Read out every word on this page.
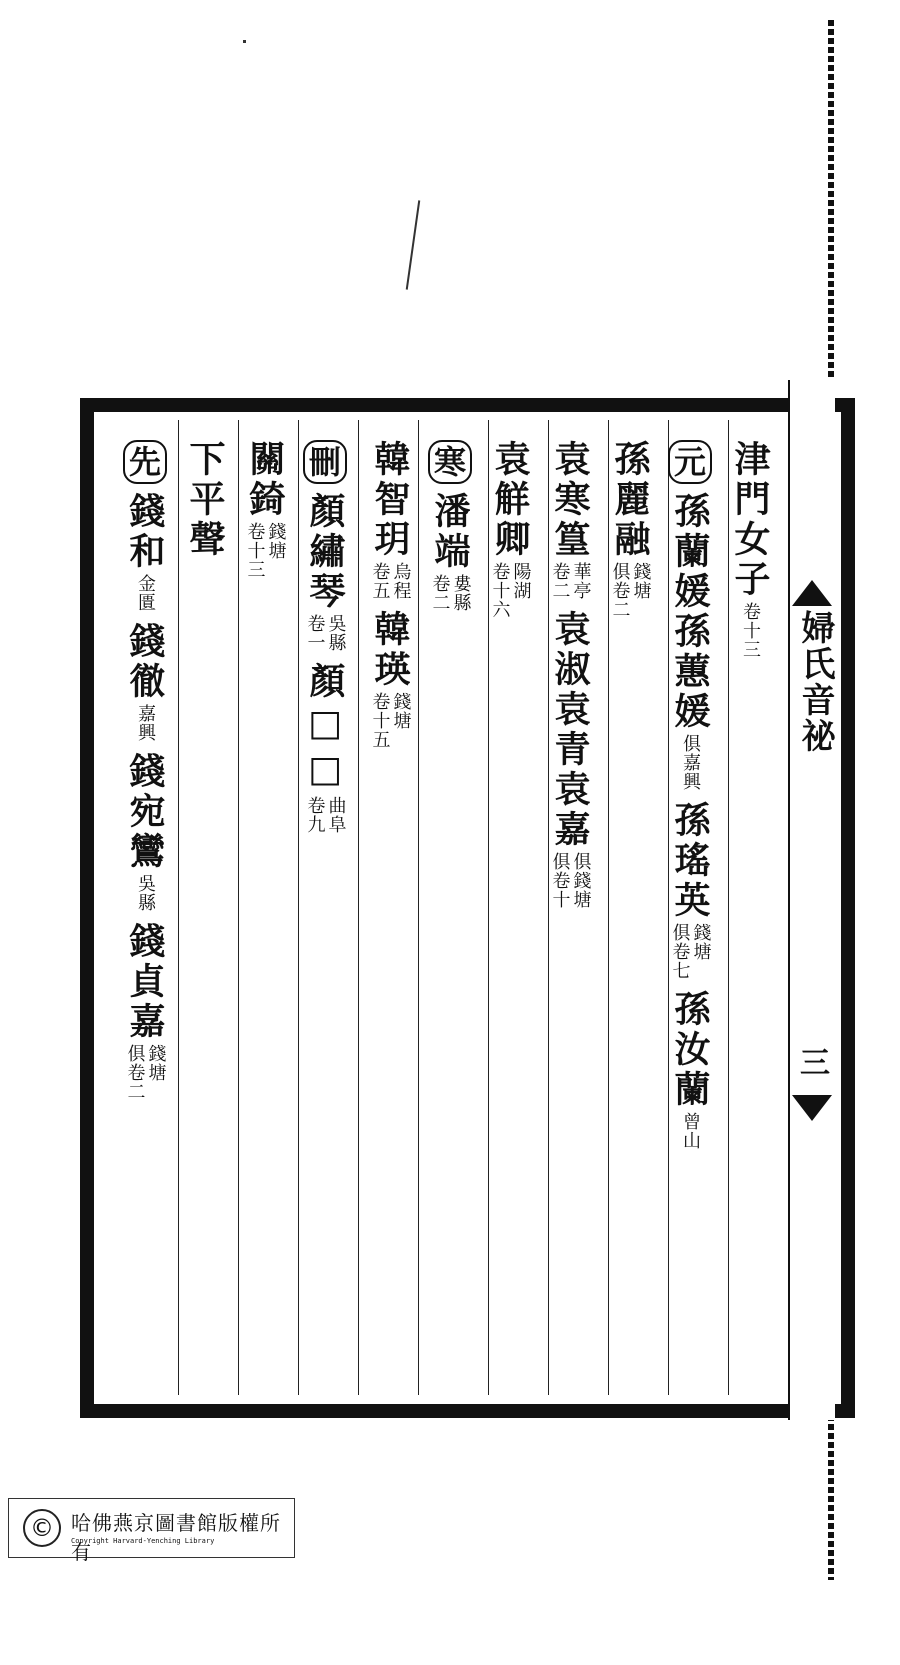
婦氏音祕
三
津門女子
卷十三
元
孫蘭媛
孫蕙媛
俱嘉興
孫瑤英
錢塘
俱卷七
孫汝蘭
曾山
孫麗融
錢塘
俱卷二
袁寒篁
華亭
卷二
袁淑
袁青
袁嘉
俱錢塘
俱卷十
袁觧卿
陽湖
卷十六
寒
潘端
婁縣
卷二
韓智玥
烏程
卷五
韓瑛
錢塘
卷十五
刪
顏繡琴
吳縣
卷一
顏□□
曲阜
卷九
關錡
錢塘
卷十三
下平聲
先
錢和
金匱
錢徹
嘉興
錢宛鸞
吳縣
錢貞嘉
錢塘
俱卷二
© 哈佛燕京圖書館版權所有
Copyright Harvard-Yenching Library
